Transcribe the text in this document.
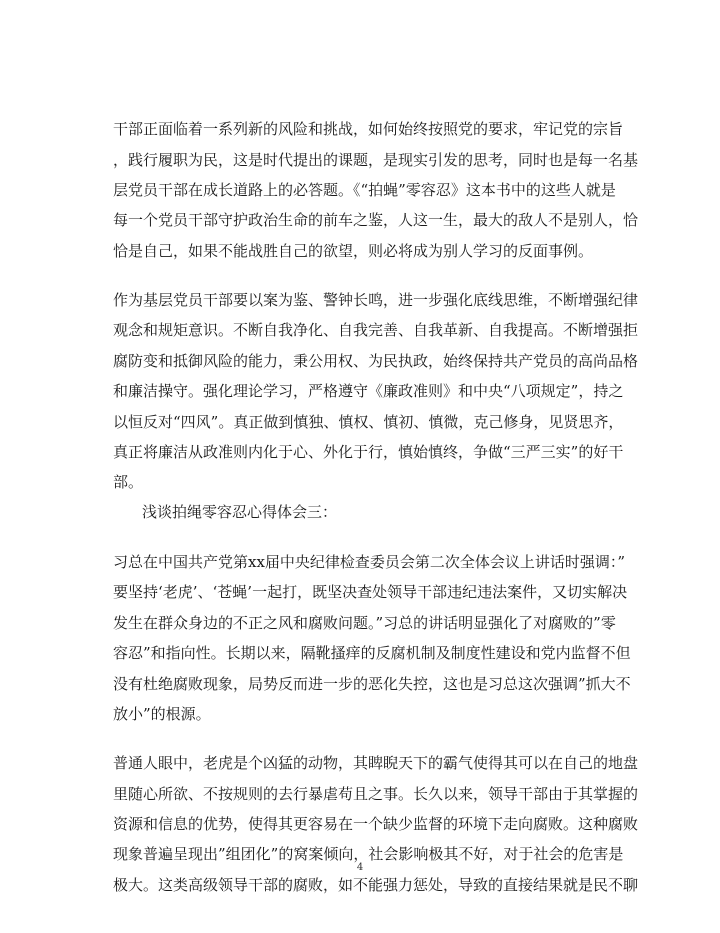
干部正面临着一系列新的风险和挑战，如何始终按照党的要求，牢记党的宗旨
，践行履职为民，这是时代提出的课题，是现实引发的思考，同时也是每一名基
层党员干部在成长道路上的必答题。《“拍蝇”零容忍》这本书中的这些人就是
每一个党员干部守护政治生命的前车之鉴，人这一生，最大的敌人不是别人，恰
恰是自己，如果不能战胜自己的欲望，则必将成为别人学习的反面事例。
作为基层党员干部要以案为鉴、警钟长鸣，进一步强化底线思维，不断增强纪律
观念和规矩意识。不断自我净化、自我完善、自我革新、自我提高。不断增强拒
腐防变和抵御风险的能力，秉公用权、为民执政，始终保持共产党员的高尚品格
和廉洁操守。强化理论学习，严格遵守《廉政准则》和中央“八项规定”，持之
以恒反对“四风”。真正做到慎独、慎权、慎初、慎微，克己修身，见贤思齐，
真正将廉洁从政准则内化于心、外化于行，慎始慎终，争做“三严三实”的好干
部。
浅谈拍绳零容忍心得体会三：
习总在中国共产党第xx届中央纪律检查委员会第二次全体会议上讲话时强调：”
要坚持‘老虎’、‘苍蝇’一起打，既坚决查处领导干部违纪违法案件，又切实解决
发生在群众身边的不正之风和腐败问题。”习总的讲话明显强化了对腐败的”零
容忍”和指向性。长期以来，隔靴搔痒的反腐机制及制度性建设和党内监督不但
没有杜绝腐败现象，局势反而进一步的恶化失控，这也是习总这次强调”抓大不
放小”的根源。
普通人眼中，老虎是个凶猛的动物，其睥睨天下的霸气使得其可以在自己的地盘
里随心所欲、不按规则的去行暴虐苟且之事。长久以来，领导干部由于其掌握的
资源和信息的优势，使得其更容易在一个缺少监督的环境下走向腐败。这种腐败
现象普遍呈现出”组团化”的窝案倾向，社会影响极其不好，对于社会的危害是
极大。这类高级领导干部的腐败，如不能强力惩处，导致的直接结果就是民不聊
4
